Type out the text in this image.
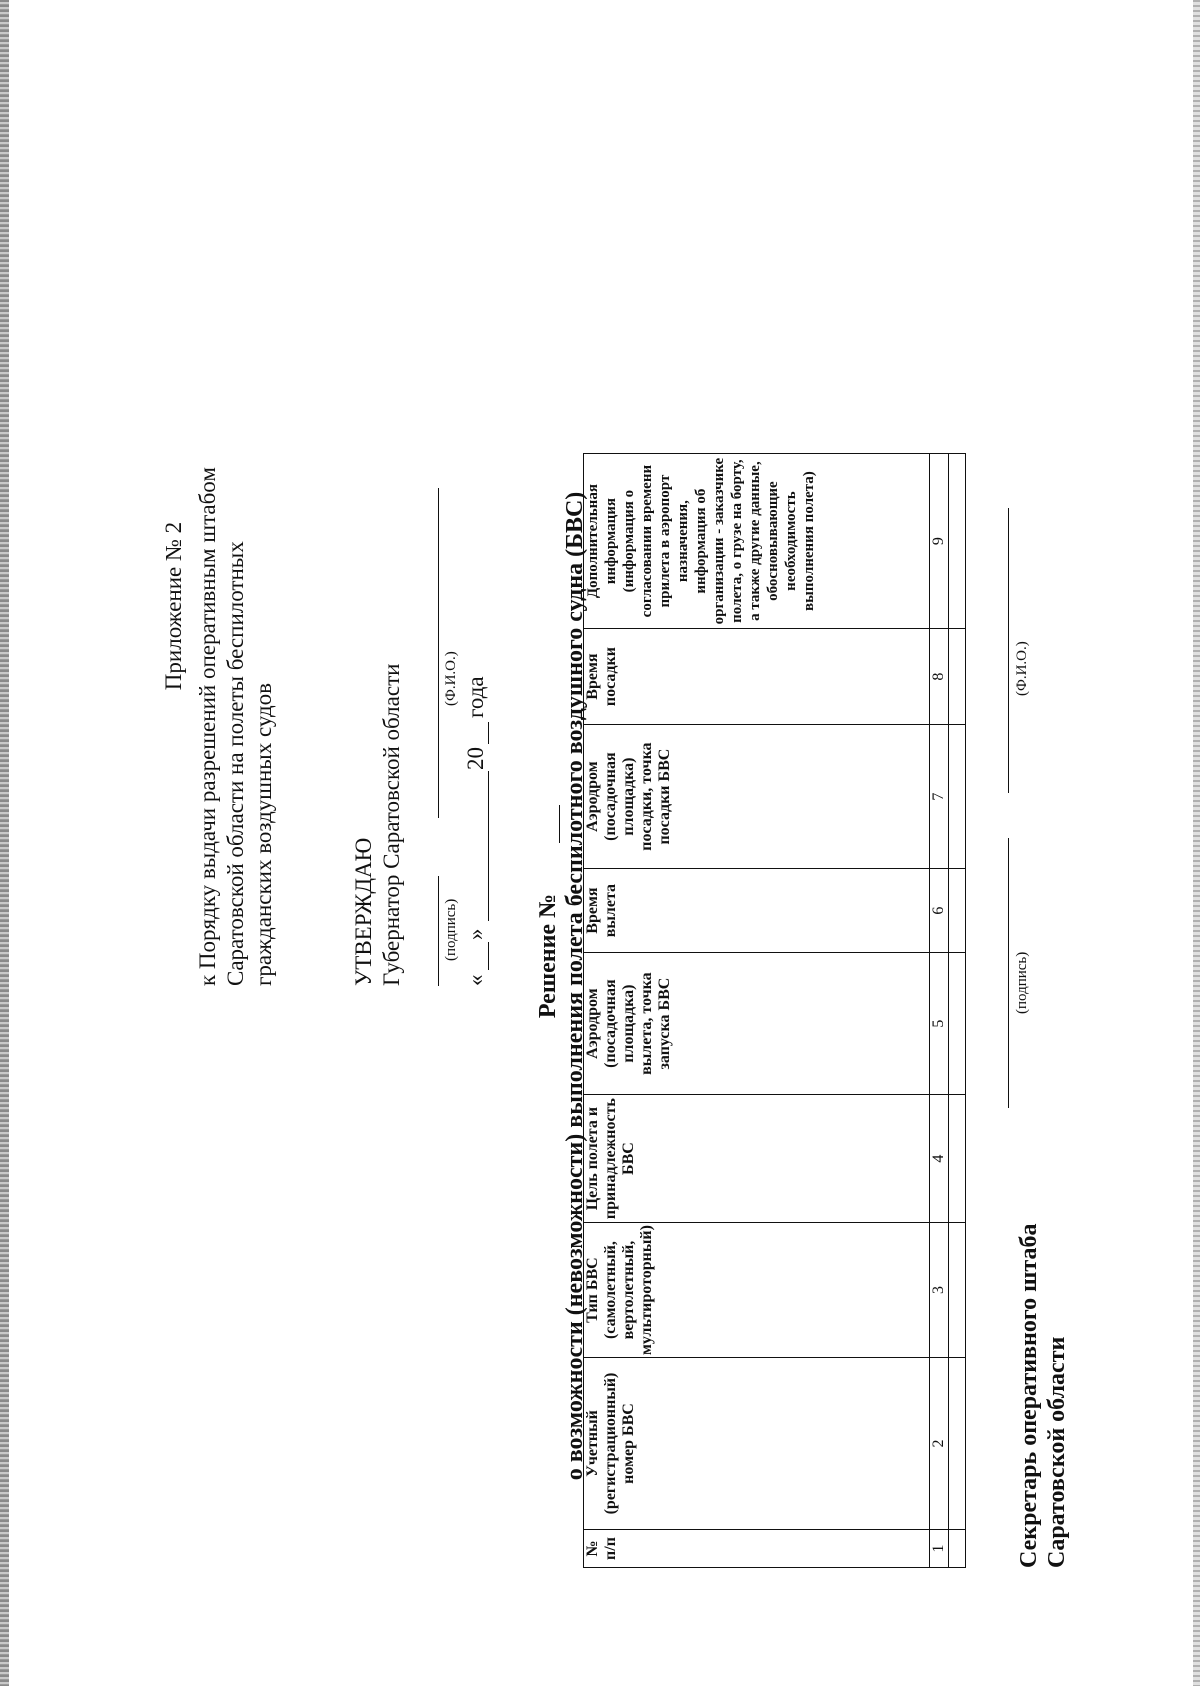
Приложение № 2 к Порядку выдачи разрешений оперативным штабом Саратовской области на полеты беспилотных гражданских воздушных судов	УТВЕРЖДАЮ Губернатор Саратовской области	(подпись)
(Ф.И.О.)
«
»
20
года
Решение № о возможности (невозможности) выполнения полета беспилотного воздушного судна (БВС)
№ п/п	Учетный (регистрационный) номер БВС	Тип БВС (самолетный, вертолетный, мультироторный)	Цель полета и принадлежность БВС	Аэродром (посадочная площадка) вылета, точка запуска БВС	Время вылета	Аэродром (посадочная площадка) посадки, точка посадки БВС	Время посадки	Дополнительная информация (информация о согласовании времени прилета в аэропорт назначения, информация об организации - заказчике полета, о грузе на борту, а также другие данные, обосновывающие необходимость выполнения полета)
1	2	3	4	5	6	7	8	9

Секретарь оперативного штаба Саратовской области
(подпись)
(Ф.И.О.)
